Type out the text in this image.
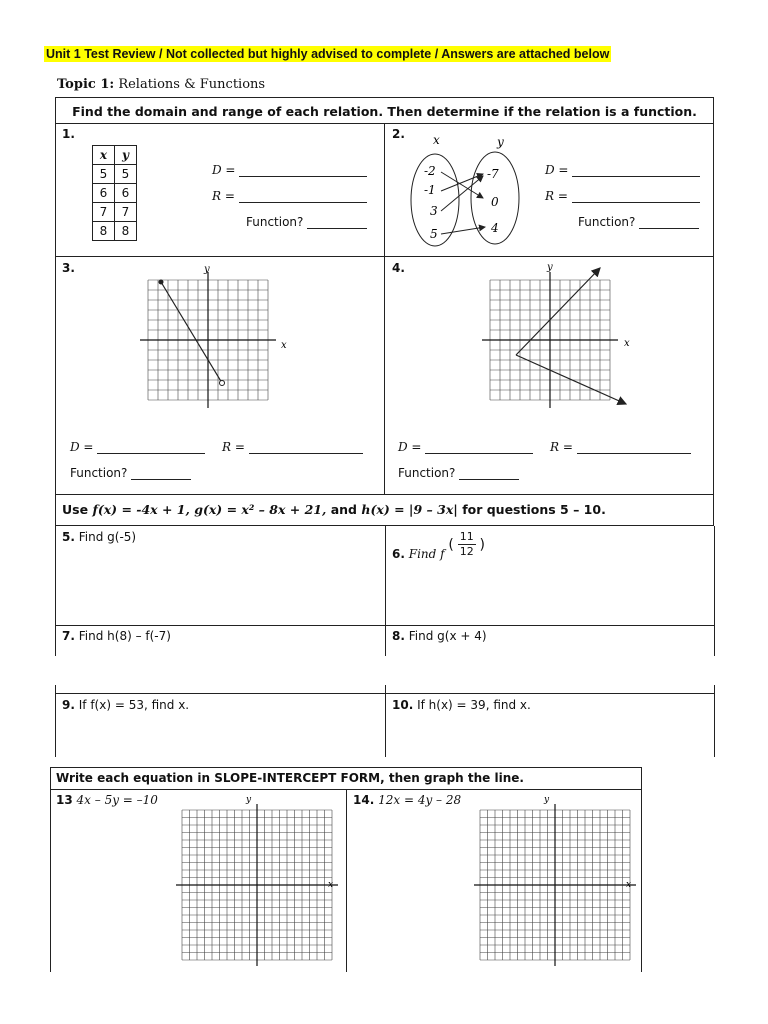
Unit 1 Test Review / Not collected but highly advised to complete / Answers are attached below
Topic 1: Relations & Functions
Find the domain and range of each relation. Then determine if the relation is a function.
1.
x	y
5	5
6	6
7	7
8	8
D =
R =
Function?
2. x	y
-2
-1
3
5
-7
0
4
D =
R =
Function?
3.	y
x
D =	R =
Function?
4.	y
x
D =	R =
Function?
Use f(x) = -4x + 1, g(x) = x² – 8x + 21, and h(x) = |9 – 3x| for questions 5 – 10.
5. Find g(-5)
6. Find f ( $\frac{11}{12}$ )
7. Find h(8) – f(-7)	8. Find g(x + 4)
9. If f(x) = 53, find x.	10. If h(x) = 39, find x.
Write each equation in SLOPE-INTERCEPT FORM, then graph the line.
13 4x – 5y = –10	14. 12x = 4y – 28
y
x
y
x
